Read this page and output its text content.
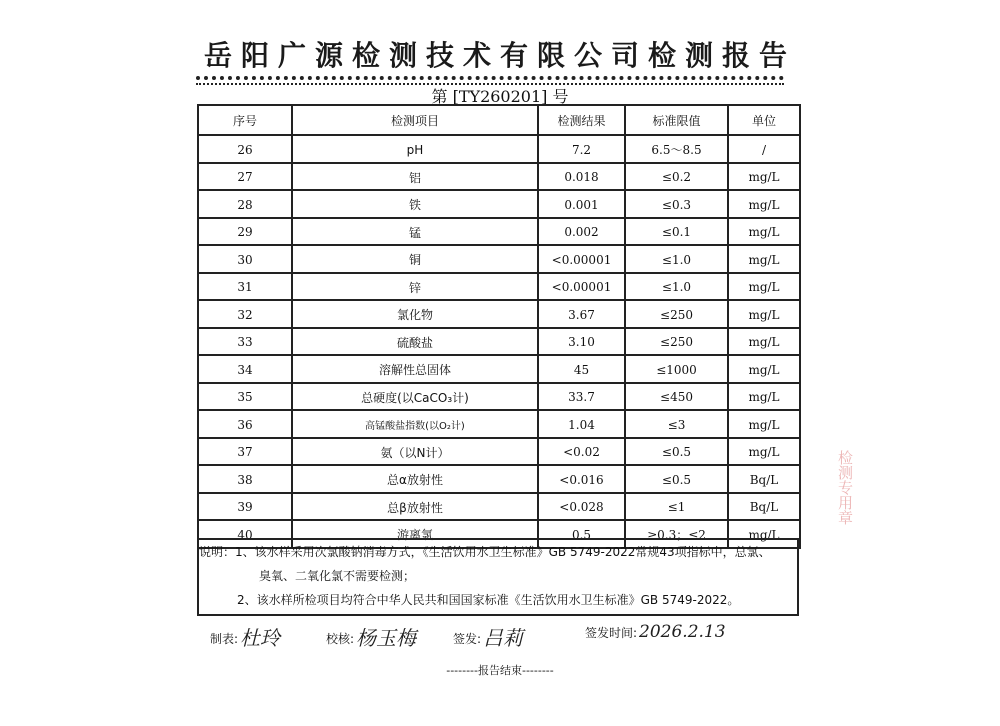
岳阳广源检测技术有限公司检测报告
第 [TY260201] 号
序号	检测项目	检测结果	标准限值	单位
26	pH	7.2	6.5～8.5	/
27	铝	0.018	≤0.2	mg/L
28	铁	0.001	≤0.3	mg/L
29	锰	0.002	≤0.1	mg/L
30	铜	<0.00001	≤1.0	mg/L
31	锌	<0.00001	≤1.0	mg/L
32	氯化物	3.67	≤250	mg/L
33	硫酸盐	3.10	≤250	mg/L
34	溶解性总固体	45	≤1000	mg/L
35	总硬度(以CaCO₃计)	33.7	≤450	mg/L
36	高锰酸盐指数(以O₂计)	1.04	≤3	mg/L
37	氨（以N计）	<0.02	≤0.5	mg/L
38	总α放射性	<0.016	≤0.5	Bq/L
39	总β放射性	<0.028	≤1	Bq/L
40	游离氯	0.5	≥0.3；≤2	mg/L
说明：1、该水样采用次氯酸钠消毒方式，《生活饮用水卫生标准》GB 5749-2022常规43项指标中，总氯、
臭氧、二氧化氯不需要检测；
2、该水样所检项目均符合中华人民共和国国家标准《生活饮用水卫生标准》GB 5749-2022。
制表: 杜玲	校核: 杨玉梅	签发: 吕莉	签发时间: 2026.2.13
--------报告结束--------
检测专用章
